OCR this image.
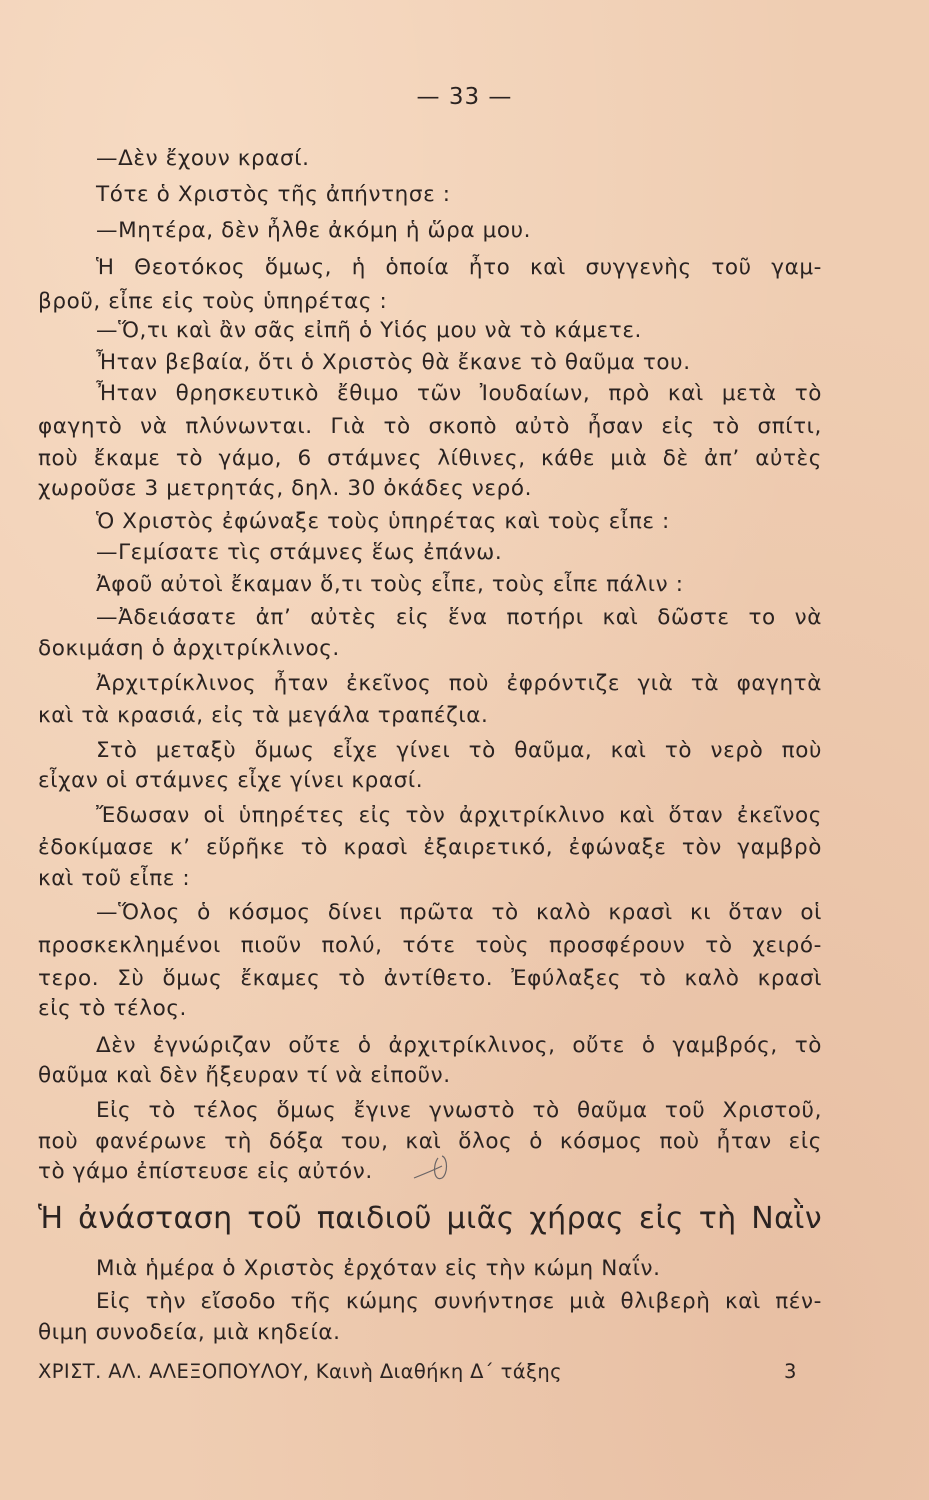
— 33 —
—Δὲν ἔχουν κρασί.
Τότε ὁ Χριστὸς τῆς ἀπήντησε :
—Μητέρα, δὲν ἦλθε ἀκόμη ἡ ὥρα μου.
Ἡ Θεοτόκος ὅμως, ἡ ὁποία ἦτο καὶ συγγενὴς τοῦ γαμ-
βροῦ, εἶπε εἰς τοὺς ὑπηρέτας :
—Ὅ,τι καὶ ἂν σᾶς εἰπῆ ὁ Υἱός μου νὰ τὸ κάμετε.
Ἦταν βεβαία, ὅτι ὁ Χριστὸς θὰ ἔκανε τὸ θαῦμα του.
Ἦταν θρησκευτικὸ ἔθιμο τῶν Ἰουδαίων, πρὸ καὶ μετὰ τὸ
φαγητὸ νὰ πλύνωνται. Γιὰ τὸ σκοπὸ αὐτὸ ἦσαν εἰς τὸ σπίτι,
ποὺ ἔκαμε τὸ γάμο, 6 στάμνες λίθινες, κάθε μιὰ δὲ ἀπ’ αὐτὲς
χωροῦσε 3 μετρητάς, δηλ. 30 ὀκάδες νερό.
Ὁ Χριστὸς ἐφώναξε τοὺς ὑπηρέτας καὶ τοὺς εἶπε :
—Γεμίσατε τὶς στάμνες ἕως ἐπάνω.
Ἀφοῦ αὐτοὶ ἔκαμαν ὅ,τι τοὺς εἶπε, τοὺς εἶπε πάλιν :
—Ἀδειάσατε ἀπ’ αὐτὲς εἰς ἕνα ποτήρι καὶ δῶστε το νὰ
δοκιμάση ὁ ἀρχιτρίκλινος.
Ἀρχιτρίκλινος ἦταν ἐκεῖνος ποὺ ἐφρόντιζε γιὰ τὰ φαγητὰ
καὶ τὰ κρασιά, εἰς τὰ μεγάλα τραπέζια.
Στὸ μεταξὺ ὅμως εἶχε γίνει τὸ θαῦμα, καὶ τὸ νερὸ ποὺ
εἶχαν οἱ στάμνες εἶχε γίνει κρασί.
Ἔδωσαν οἱ ὑπηρέτες εἰς τὸν ἀρχιτρίκλινο καὶ ὅταν ἐκεῖνος
ἐδοκίμασε κ’ εὕρῆκε τὸ κρασὶ ἐξαιρετικό, ἐφώναξε τὸν γαμβρὸ
καὶ τοῦ εἶπε :
—Ὅλος ὁ κόσμος δίνει πρῶτα τὸ καλὸ κρασὶ κι ὅταν οἱ
προσκεκλημένοι πιοῦν πολύ, τότε τοὺς προσφέρουν τὸ χειρό-
τερο. Σὺ ὅμως ἔκαμες τὸ ἀντίθετο. Ἐφύλαξες τὸ καλὸ κρασὶ
εἰς τὸ τέλος.
Δὲν ἐγνώριζαν οὔτε ὁ ἀρχιτρίκλινος, οὔτε ὁ γαμβρός, τὸ
θαῦμα καὶ δὲν ἤξευραν τί νὰ εἰποῦν.
Εἰς τὸ τέλος ὅμως ἔγινε γνωστὸ τὸ θαῦμα τοῦ Χριστοῦ,
ποὺ φανέρωνε τὴ δόξα του, καὶ ὅλος ὁ κόσμος ποὺ ἦταν εἰς
τὸ γάμο ἐπίστευσε εἰς αὐτόν.
Ἡ ἀνάσταση τοῦ παιδιοῦ μιᾶς χήρας εἰς τὴ Ναῒν
Μιὰ ἡμέρα ὁ Χριστὸς ἐρχόταν εἰς τὴν κώμη Ναΐν.
Εἰς τὴν εἴσοδο τῆς κώμης συνήντησε μιὰ θλιβερὴ καὶ πέν-
θιμη συνοδεία, μιὰ κηδεία.
ΧΡΙΣΤ. ΑΛ. ΑΛΕΞΟΠΟΥΛΟΥ, Καινὴ Διαθήκη Δ΄ τάξης	3
